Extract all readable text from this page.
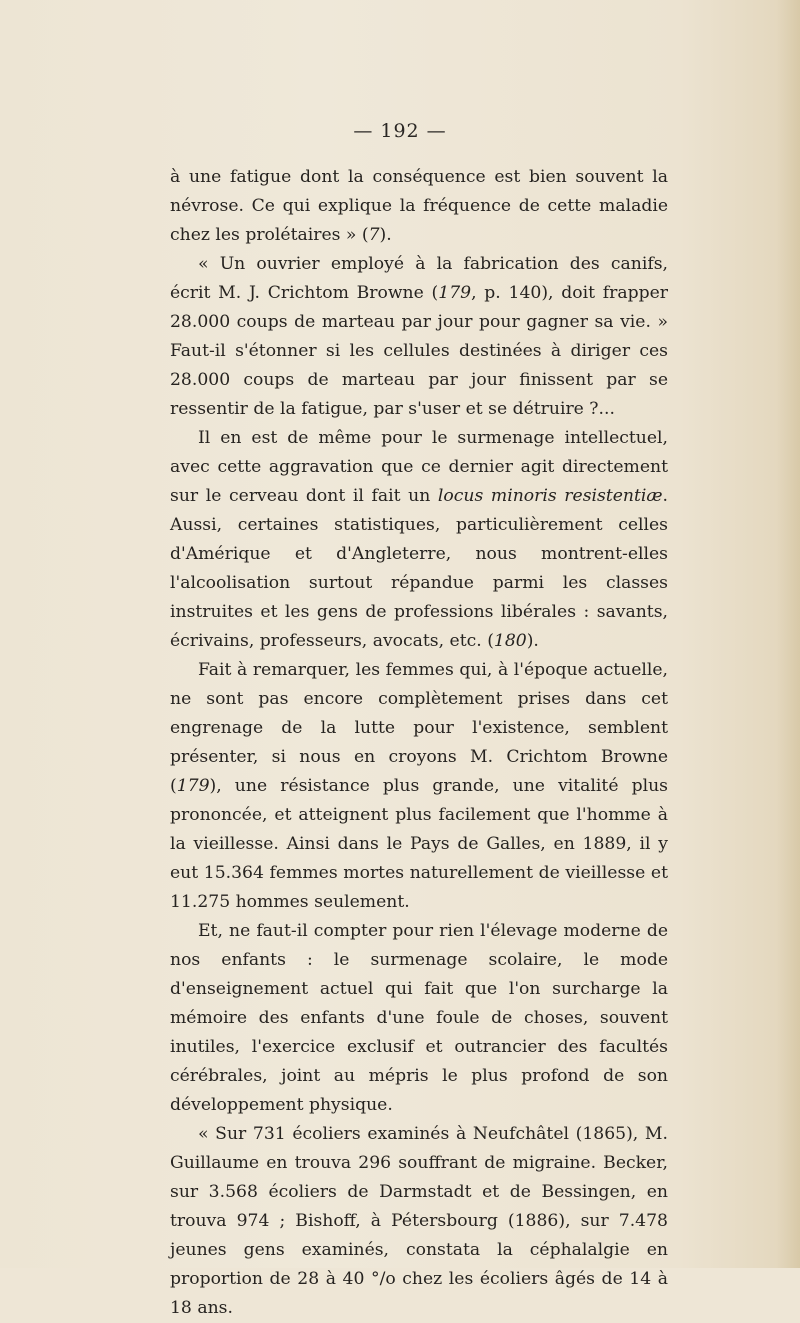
— 192 —

à une fatigue dont la conséquence est bien souvent la névrose. Ce qui explique la fréquence de cette maladie chez les prolétaires » (7).

« Un ouvrier employé à la fabrication des canifs, écrit M. J. Crichtom Browne (179, p. 140), doit frapper 28.000 coups de marteau par jour pour gagner sa vie. » Faut-il s'étonner si les cellules destinées à diriger ces 28.000 coups de marteau par jour finissent par se ressentir de la fatigue, par s'user et se détruire ?...

Il en est de même pour le surmenage intellectuel, avec cette aggravation que ce dernier agit directement sur le cerveau dont il fait un locus minoris resistentiæ. Aussi, certaines statistiques, particulièrement celles d'Amérique et d'Angleterre, nous montrent-elles l'alcoolisation surtout répandue parmi les classes instruites et les gens de professions libérales : savants, écrivains, professeurs, avocats, etc. (180).

Fait à remarquer, les femmes qui, à l'époque actuelle, ne sont pas encore complètement prises dans cet engrenage de la lutte pour l'existence, semblent présenter, si nous en croyons M. Crichtom Browne (179), une résistance plus grande, une vitalité plus prononcée, et atteignent plus facilement que l'homme à la vieillesse. Ainsi dans le Pays de Galles, en 1889, il y eut 15.364 femmes mortes naturellement de vieillesse et 11.275 hommes seulement.

Et, ne faut-il compter pour rien l'élevage moderne de nos enfants : le surmenage scolaire, le mode d'enseignement actuel qui fait que l'on surcharge la mémoire des enfants d'une foule de choses, souvent inutiles, l'exercice exclusif et outrancier des facultés cérébrales, joint au mépris le plus profond de son développement physique.

« Sur 731 écoliers examinés à Neufchâtel (1865), M. Guillaume en trouva 296 souffrant de migraine. Becker, sur 3.568 écoliers de Darmstadt et de Bessingen, en trouva 974 ; Bishoff, à Pétersbourg (1886), sur 7.478 jeunes gens examinés, constata la céphalalgie en proportion de 28 à 40 °/o chez les écoliers âgés de 14 à 18 ans.
